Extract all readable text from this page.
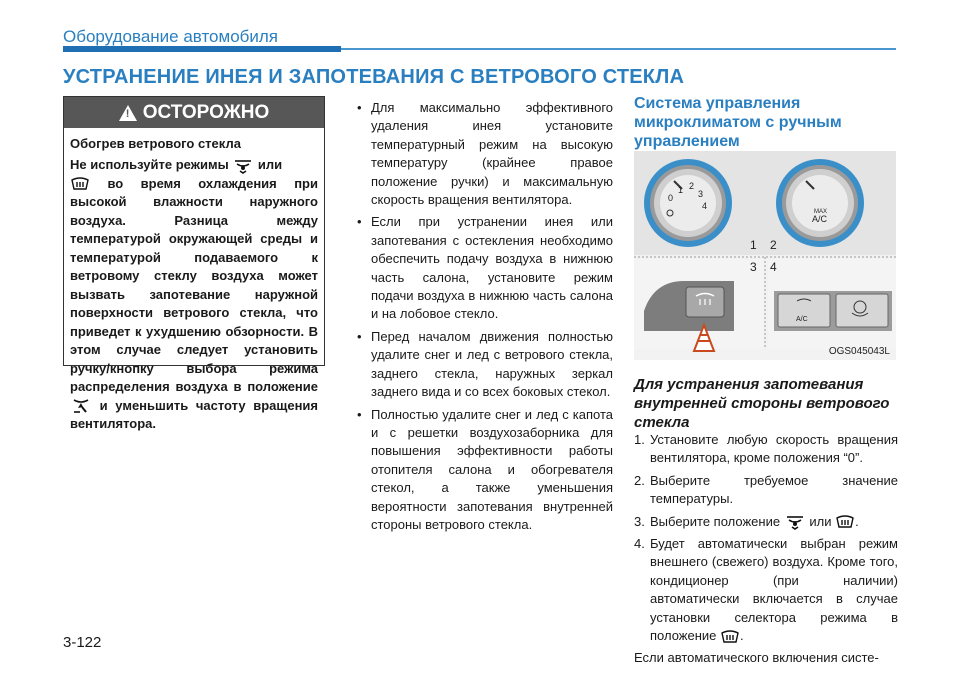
Оборудование автомобиля
УСТРАНЕНИЕ ИНЕЯ И ЗАПОТЕВАНИЯ С ВЕТРОВОГО СТЕКЛА
!
ОСТОРОЖНО
Обогрев ветрового стекла
Не используйте режимы или
во время охлаждения при высокой влажности наружного воздуха. Разница между температурой окружающей среды и температурой подаваемого к ветровому стеклу воздуха может вызвать запотевание наружной поверхности ветрового стекла, что приведет к ухудшению обзорности. В этом случае следует установить ручку/кнопку выбора режима распределения воздуха в положение  и уменьшить частоту вращения вентилятора.
• Для максимально эффективного удаления инея установите температурный режим на высокую температуру (крайнее правое положение ручки) и максимальную скорость вращения вентилятора.
• Если при устранении инея или запотевания с остекления необходимо обеспечить подачу воздуха в нижнюю часть салона, установите режим подачи воздуха в нижнюю часть салона и на лобовое стекло.
• Перед началом движения полностью удалите снег и лед с ветрового стекла, заднего стекла, наружных зеркал заднего вида и со всех боковых стекол.
• Полностью удалите снег и лед с капота и с решетки воздухозаборника для повышения эффективности работы отопителя салона и обогревателя стекол, а также уменьшения вероятности запотевания внутренней стороны ветрового стекла.
Система управления микроклиматом с ручным управлением
0
1 2
3
4
MAX
A/C
1 2
3 4
A/C
OGS045043L
Для устранения запотевания внутренней стороны ветрового стекла
1. Установите любую скорость вращения вентилятора, кроме положения “0”.
2. Выберите требуемое значение температуры.
3. Выберите положение или .
4. Будет автоматически выбран режим внешнего (свежего) воздуха. Кроме того, кондиционер (при наличии) автоматически включается в случае установки селектора режима в положение .
Если автоматического включения систе-
3-122
